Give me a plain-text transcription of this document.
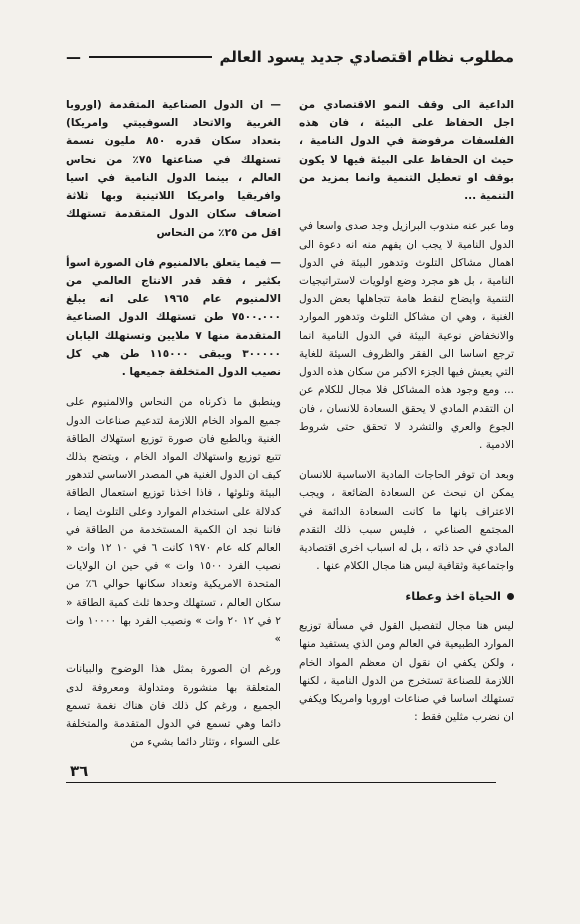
مطلوب نظام اقتصادي جديد يسود العالم
—

الداعية الى وقف النمو الاقتصادي من اجل الحفاظ على البيئة ، فان هذه الفلسفات مرفوضة في الدول النامية ، حيث ان الحفاظ على البيئة فيها لا يكون بوقف او تعطيل التنمية وانما بمزيد من التنمية ...

وما عبر عنه مندوب البرازيل وجد صدى واسعا في الدول النامية لا يجب ان يفهم منه انه دعوة الى اهمال مشاكل التلوث وتدهور البيئة في الدول النامية ، بل هو مجرد وضع اولويات لاستراتيجيات التنمية وايضاح لنقط هامة تتجاهلها بعض الدول الغنية ، وهي ان مشاكل التلوث وتدهور الموارد والانخفاض نوعية البيئة في الدول النامية انما ترجع اساسا الى الفقر والظروف السيئة للغاية التي يعيش فيها الجزء الاكبر من سكان هذه الدول ... ومع وجود هذه المشاكل فلا مجال للكلام عن ان التقدم المادي لا يحقق السعادة للانسان ، فان الجوع والعري والتشرد لا تحقق حتى شروط الادمية .

وبعد ان توفر الحاجات المادية الاساسية للانسان يمكن ان نبحث عن السعادة الضائعة ، ويجب الاعتراف بانها ما كانت السعادة الدائمة في المجتمع الصناعي ، فليس سبب ذلك التقدم المادي في حد ذاته ، بل له اسباب اخرى اقتصادية واجتماعية وثقافية ليس هنا مجال الكلام عنها .

الحياة اخذ وعطاء

ليس هنا مجال لتفصيل القول في مسألة توزيع الموارد الطبيعية في العالم ومن الذي يستفيد منها ، ولكن يكفي ان نقول ان معظم المواد الخام اللازمة للصناعة تستخرج من الدول النامية ، لكنها تستهلك اساسا في صناعات اوروبا وامريكا ويكفي ان نضرب مثلين فقط :

— ان الدول الصناعية المتقدمة (اوروبا الغربية والاتحاد السوفييتي وامريكا) بتعداد سكان قدره ٨٥٠ مليون نسمة تستهلك في صناعتها ٧٥٪ من نحاس العالم ، بينما الدول النامية في اسيا وافريقيا وامريكا اللاتينية وبها ثلاثة اضعاف سكان الدول المتقدمة تستهلك اقل من ٢٥٪ من النحاس

— فيما يتعلق بالالمنيوم فان الصورة اسوأ بكثير ، فقد قدر الانتاج العالمي من الالمنيوم عام ١٩٦٥ على انه يبلغ ٧٥٠٠.٠٠٠ طن تستهلك الدول الصناعية المتقدمة منها ٧ ملايين وتستهلك اليابان ٣٠٠٠٠٠ ويبقى ١١٥٠٠٠ طن هي كل نصيب الدول المتخلفة جميعها .

وينطبق ما ذكرناه من النحاس والالمنيوم على جميع المواد الخام اللازمة لتدعيم صناعات الدول الغنية وبالطبع فان صورة توزيع استهلاك الطاقة تتبع توزيع واستهلاك المواد الخام ، ويتضح بذلك كيف ان الدول الغنية هي المصدر الاساسي لتدهور البيئة وتلوثها ، فاذا اخذنا توزيع استعمال الطاقة كدلالة على استخدام الموارد وعلى التلوث ايضا ، فاننا نجد ان الكمية المستخدمة من الطاقة في العالم كله عام ١٩٧٠ كانت ٦ في ١٠ ١٢ وات « نصيب الفرد ١٥٠٠ وات » في حين ان الولايات المتحدة الامريكية وتعداد سكانها حوالي ٦٪ من سكان العالم ، تستهلك وحدها ثلث كمية الطاقة « ٢ في ١٢ ٢٠ وات » ونصيب الفرد بها ١٠٠٠٠ وات »

ورغم ان الصورة بمثل هذا الوضوح والبيانات المتعلقة بها منشورة ومتداولة ومعروفة لدى الجميع ، ورغم كل ذلك فان هناك نغمة تسمع دائما وهي تسمع في الدول المتقدمة والمتخلفة على السواء ، وتثار دائما بشيء من

٣٦
